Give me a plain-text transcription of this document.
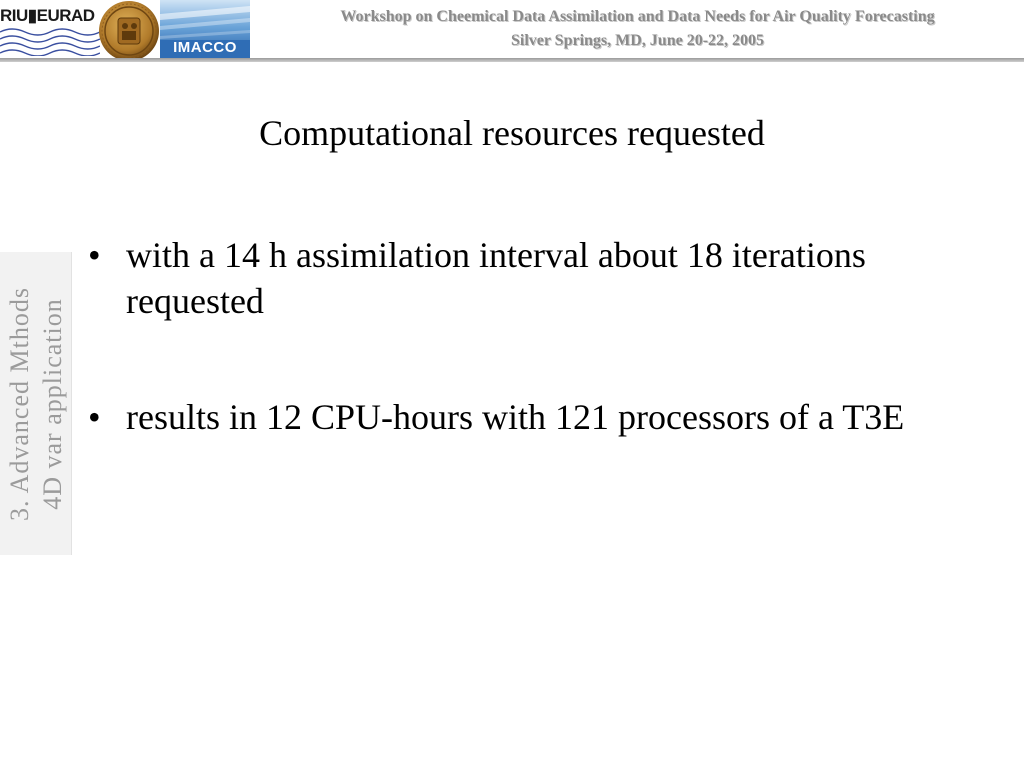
RIU▮EURAD
IMACCO
Workshop on Cheemical Data Assimilation and Data Needs for Air Quality Forecasting
Silver Springs, MD, June 20-22, 2005
3. Advanced Mthods 4D var application
Computational resources requested
• with a 14 h assimilation interval about 18 iterations requested
• results in 12 CPU-hours with 121 processors of a T3E
